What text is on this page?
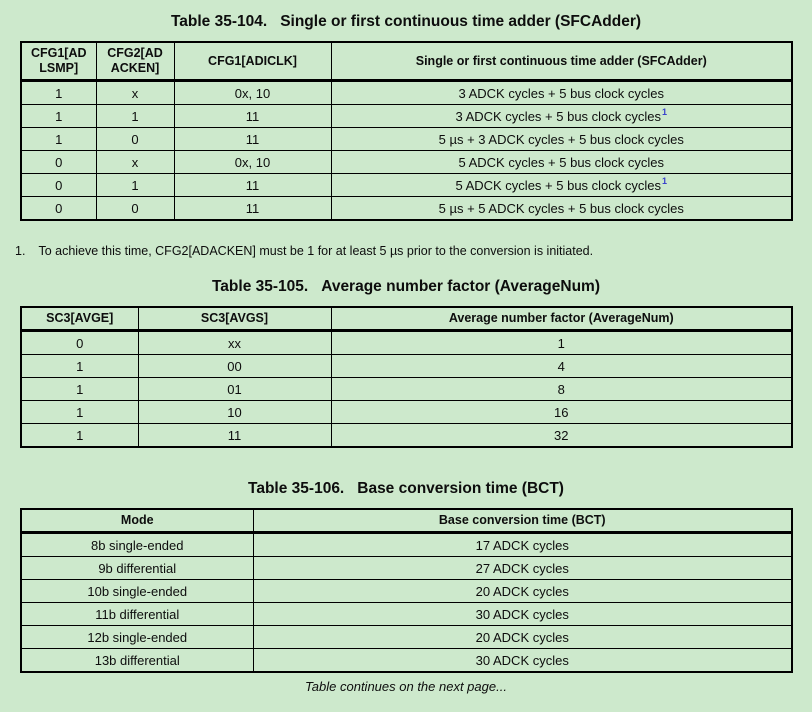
Table 35-104. Single or first continuous time adder (SFCAdder)
CFG1[AD LSMP]	CFG2[AD ACKEN]	CFG1[ADICLK]	Single or first continuous time adder (SFCAdder)
1	x	0x, 10	3 ADCK cycles + 5 bus clock cycles
1	1	11	3 ADCK cycles + 5 bus clock cycles$^1$
1	0	11	5 µs + 3 ADCK cycles + 5 bus clock cycles
0	x	0x, 10	5 ADCK cycles + 5 bus clock cycles
0	1	11	5 ADCK cycles + 5 bus clock cycles$^1$
0	0	11	5 µs + 5 ADCK cycles + 5 bus clock cycles
1. To achieve this time, CFG2[ADACKEN] must be 1 for at least 5 µs prior to the conversion is initiated.
Table 35-105. Average number factor (AverageNum)
SC3[AVGE]	SC3[AVGS]	Average number factor (AverageNum)
0	xx	1
1	00	4
1	01	8
1	10	16
1	11	32
Table 35-106. Base conversion time (BCT)
Mode	Base conversion time (BCT)
8b single-ended	17 ADCK cycles
9b differential	27 ADCK cycles
10b single-ended	20 ADCK cycles
11b differential	30 ADCK cycles
12b single-ended	20 ADCK cycles
13b differential	30 ADCK cycles
Table continues on the next page...
